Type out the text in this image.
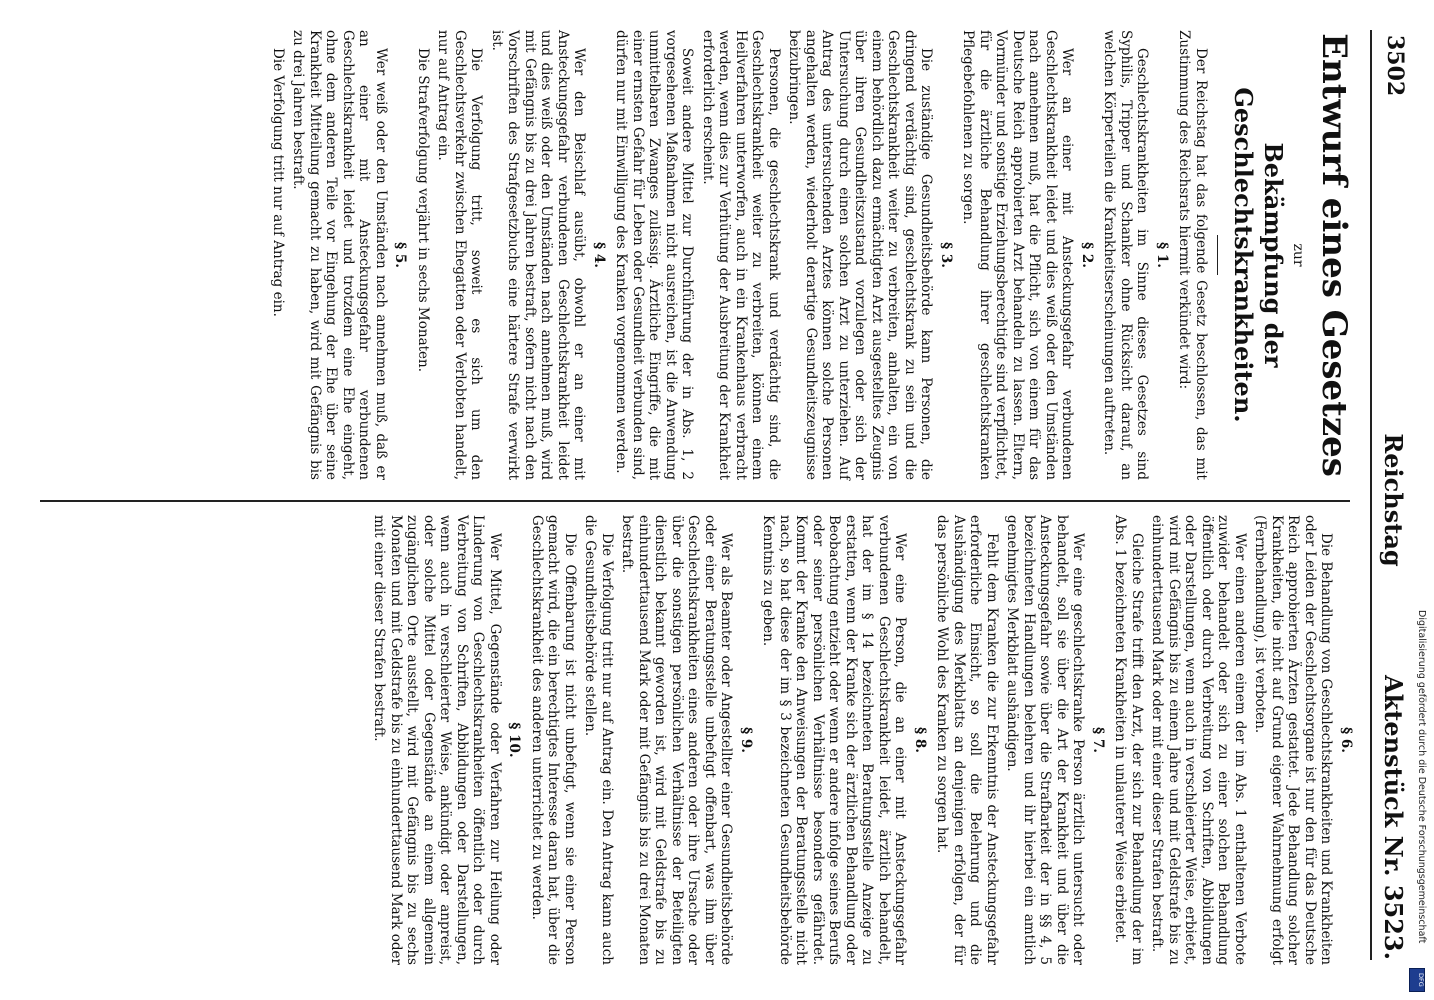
3502
Reichstag
Aktenstück Nr. 3523.
Entwurf eines Gesetzes
zur
Bekämpfung der Geschlechtskrankheiten.

Der Reichstag hat das folgende Gesetz beschlossen, das mit Zustimmung des Reichsrats hiermit verkündet wird:

§ 1.

Geschlechtskrankheiten im Sinne dieses Gesetzes sind Syphilis, Tripper und Schanker ohne Rücksicht darauf, an welchen Körperteilen die Krankheitserscheinungen auftreten.

§ 2.

Wer an einer mit Ansteckungsgefahr verbundenen Geschlechtskrankheit leidet und dies weiß oder den Umständen nach annehmen muß, hat die Pflicht, sich von einem für das Deutsche Reich approbierten Arzt behandeln zu lassen. Eltern, Vormünder und sonstige Erziehungsberechtigte sind verpflichtet, für die ärztliche Behandlung ihrer geschlechtskranken Pflegebefohlenen zu sorgen.

§ 3.

Die zuständige Gesundheitsbehörde kann Personen, die dringend verdächtig sind, geschlechtskrank zu sein und die Geschlechtskrankheit weiter zu verbreiten, anhalten, ein von einem behördlich dazu ermächtigten Arzt ausgestelltes Zeugnis über ihren Gesundheitszustand vorzulegen oder sich der Untersuchung durch einen solchen Arzt zu unterziehen. Auf Antrag des untersuchenden Arztes können solche Personen angehalten werden, wiederholt derartige Gesundheitszeugnisse beizubringen.

Personen, die geschlechtskrank und verdächtig sind, die Geschlechtskrankheit weiter zu verbreiten, können einem Heilverfahren unterworfen, auch in ein Krankenhaus verbracht werden, wenn dies zur Verhütung der Ausbreitung der Krankheit erforderlich erscheint.

Soweit andere Mittel zur Durchführung der in Abs. 1, 2 vorgesehenen Maßnahmen nicht ausreichen, ist die Anwendung unmittelbaren Zwanges zulässig. Ärztliche Eingriffe, die mit einer ernsten Gefahr für Leben oder Gesundheit verbunden sind, dürfen nur mit Einwilligung des Kranken vorgenommen werden.

§ 4.

Wer den Beischlaf ausübt, obwohl er an einer mit Ansteckungsgefahr verbundenen Geschlechtskrankheit leidet und dies weiß oder den Umständen nach annehmen muß, wird mit Gefängnis bis zu drei Jahren bestraft, sofern nicht nach den Vorschriften des Strafgesetzbuchs eine härtere Strafe verwirkt ist.

Die Verfolgung tritt, soweit es sich um den Geschlechtsverkehr zwischen Ehegatten oder Verlobten handelt, nur auf Antrag ein.

Die Strafverfolgung verjährt in sechs Monaten.

§ 5.

Wer weiß oder den Umständen nach annehmen muß, daß er an einer mit Ansteckungsgefahr verbundenen Geschlechtskrankheit leidet und trotzdem eine Ehe eingeht, ohne dem anderen Teile vor Eingehung der Ehe über seine Krankheit Mitteilung gemacht zu haben, wird mit Gefängnis bis zu drei Jahren bestraft.

Die Verfolgung tritt nur auf Antrag ein.

§ 6.

Die Behandlung von Geschlechtskrankheiten und Krankheiten oder Leiden der Geschlechtsorgane ist nur den für das Deutsche Reich approbierten Ärzten gestattet. Jede Behandlung solcher Krankheiten, die nicht auf Grund eigener Wahrnehmung erfolgt (Fernbehandlung), ist verboten.

Wer einen anderen einem der im Abs. 1 enthaltenen Verbote zuwider behandelt oder sich zu einer solchen Behandlung öffentlich oder durch Verbreitung von Schriften, Abbildungen oder Darstellungen, wenn auch in verschleierter Weise, erbietet, wird mit Gefängnis bis zu einem Jahre und mit Geldstrafe bis zu einhunderttausend Mark oder mit einer dieser Strafen bestraft.

Gleiche Strafe trifft den Arzt, der sich zur Behandlung der im Abs. 1 bezeichneten Krankheiten in unlauterer Weise erbietet.

§ 7.

Wer eine geschlechtskranke Person ärztlich untersucht oder behandelt, soll sie über die Art der Krankheit und über die Ansteckungsgefahr sowie über die Strafbarkeit der in §§ 4, 5 bezeichneten Handlungen belehren und ihr hierbei ein amtlich genehmigtes Merkblatt aushändigen.

Fehlt dem Kranken die zur Erkenntnis der Ansteckungsgefahr erforderliche Einsicht, so soll die Belehrung und die Aushändigung des Merkblatts an denjenigen erfolgen, der für das persönliche Wohl des Kranken zu sorgen hat.

§ 8.

Wer eine Person, die an einer mit Ansteckungsgefahr verbundenen Geschlechtskrankheit leidet, ärztlich behandelt, hat der im § 14 bezeichneten Beratungsstelle Anzeige zu erstatten, wenn der Kranke sich der ärztlichen Behandlung oder Beobachtung entzieht oder wenn er andere infolge seines Berufs oder seiner persönlichen Verhältnisse besonders gefährdet. Kommt der Kranke den Anweisungen der Beratungsstelle nicht nach, so hat diese der im § 3 bezeichneten Gesundheitsbehörde Kenntnis zu geben.

§ 9.

Wer als Beamter oder Angestellter einer Gesundheitsbehörde oder einer Beratungsstelle unbefugt offenbart, was ihm über Geschlechtskrankheiten eines anderen oder ihre Ursache oder über die sonstigen persönlichen Verhältnisse der Beteiligten dienstlich bekannt geworden ist, wird mit Geldstrafe bis zu einhunderttausend Mark oder mit Gefängnis bis zu drei Monaten bestraft.

Die Verfolgung tritt nur auf Antrag ein. Den Antrag kann auch die Gesundheitsbehörde stellen.

Die Offenbarung ist nicht unbefugt, wenn sie einer Person gemacht wird, die ein berechtigtes Interesse daran hat, über die Geschlechtskrankheit des anderen unterrichtet zu werden.

§ 10.

Wer Mittel, Gegenstände oder Verfahren zur Heilung oder Linderung von Geschlechtskrankheiten öffentlich oder durch Verbreitung von Schriften, Abbildungen oder Darstellungen, wenn auch in verschleierter Weise, ankündigt oder anpreist, oder solche Mittel oder Gegenstände an einem allgemein zugänglichen Orte ausstellt, wird mit Gefängnis bis zu sechs Monaten und mit Geldstrafe bis zu einhunderttausend Mark oder mit einer dieser Strafen bestraft.	Digitalisierung gefördert durch die Deutsche Forschungsgemeinschaft
DFG
